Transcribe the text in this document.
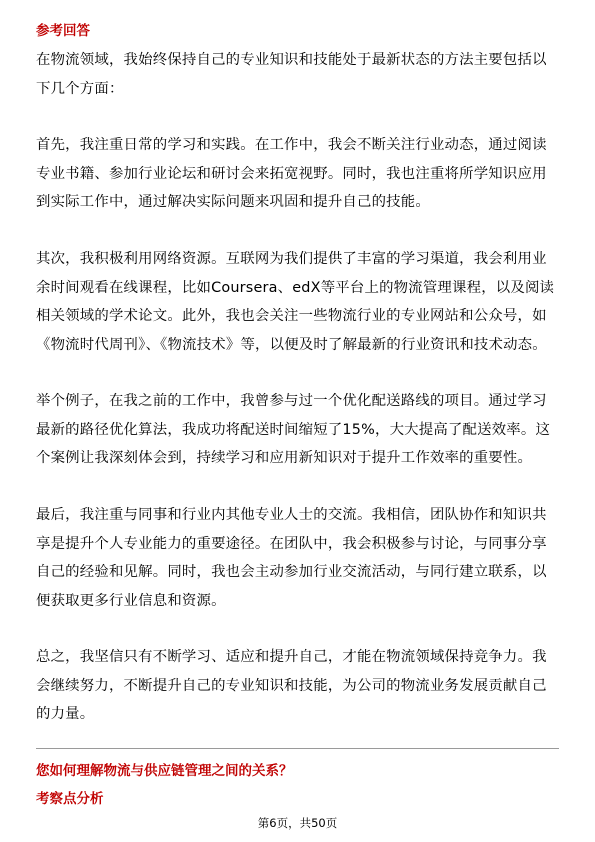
参考回答

在物流领域，我始终保持自己的专业知识和技能处于最新状态的方法主要包括以下几个方面：

首先，我注重日常的学习和实践。在工作中，我会不断关注行业动态，通过阅读专业书籍、参加行业论坛和研讨会来拓宽视野。同时，我也注重将所学知识应用到实际工作中，通过解决实际问题来巩固和提升自己的技能。

其次，我积极利用网络资源。互联网为我们提供了丰富的学习渠道，我会利用业余时间观看在线课程，比如Coursera、edX等平台上的物流管理课程，以及阅读相关领域的学术论文。此外，我也会关注一些物流行业的专业网站和公众号，如《物流时代周刊》、《物流技术》等，以便及时了解最新的行业资讯和技术动态。

举个例子，在我之前的工作中，我曾参与过一个优化配送路线的项目。通过学习最新的路径优化算法，我成功将配送时间缩短了15%，大大提高了配送效率。这个案例让我深刻体会到，持续学习和应用新知识对于提升工作效率的重要性。

最后，我注重与同事和行业内其他专业人士的交流。我相信，团队协作和知识共享是提升个人专业能力的重要途径。在团队中，我会积极参与讨论，与同事分享自己的经验和见解。同时，我也会主动参加行业交流活动，与同行建立联系，以便获取更多行业信息和资源。

总之，我坚信只有不断学习、适应和提升自己，才能在物流领域保持竞争力。我会继续努力，不断提升自己的专业知识和技能，为公司的物流业务发展贡献自己的力量。

您如何理解物流与供应链管理之间的关系？
考察点分析
第6页，共50页
